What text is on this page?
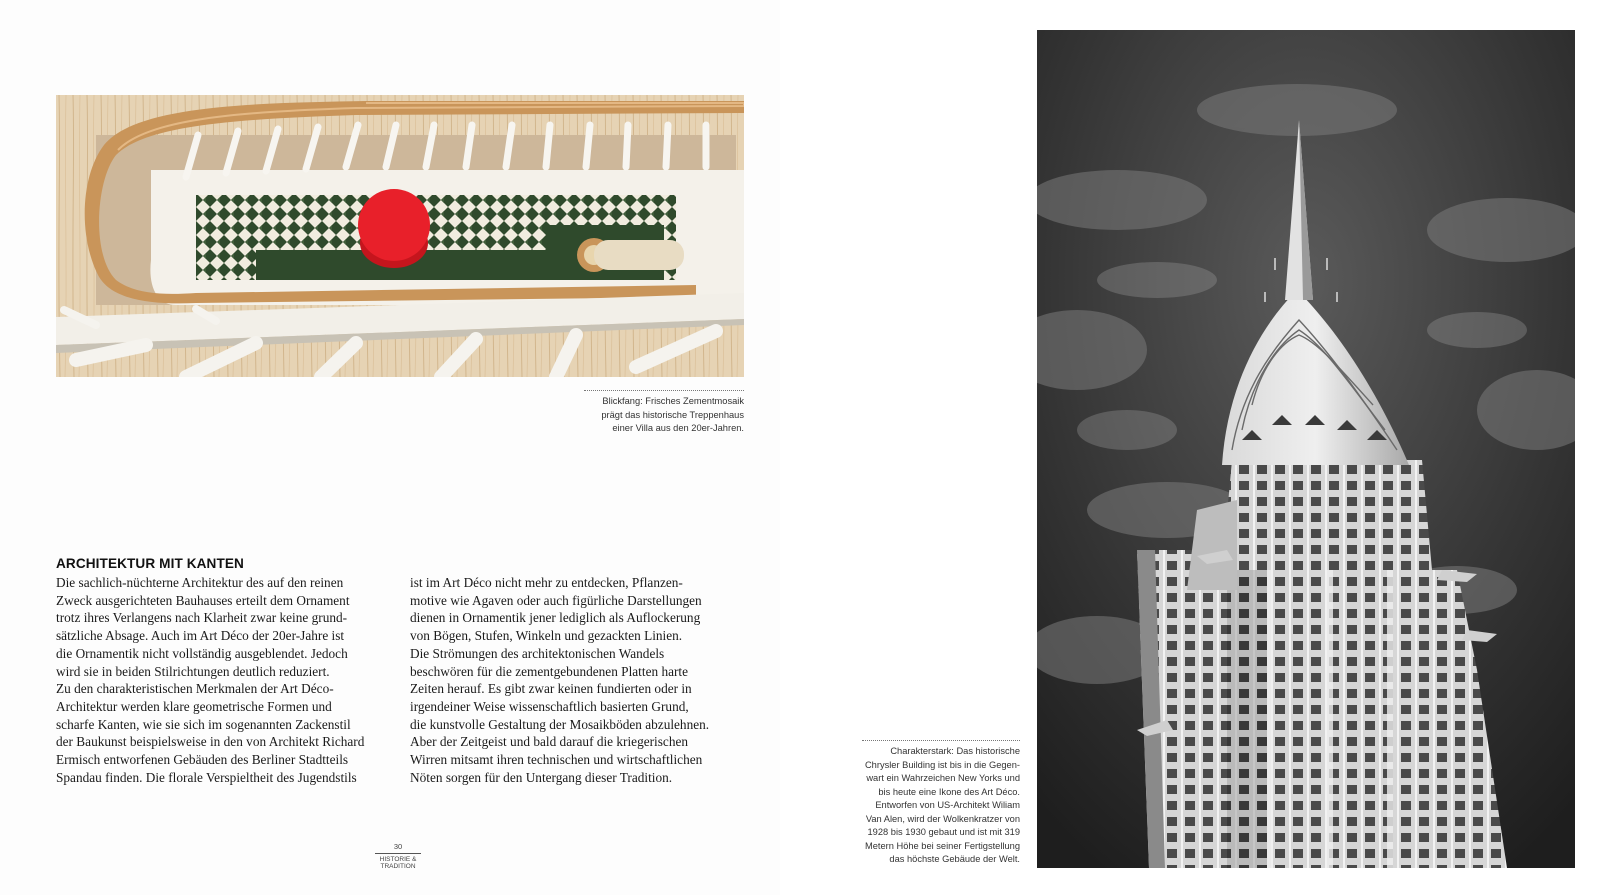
Blickfang: Frisches Zementmosaik
prägt das historische Treppenhaus
einer Villa aus den 20er-Jahren.
ARCHITEKTUR MIT KANTEN
Die sachlich-nüchterne Architektur des auf den reinen
Zweck ausgerichteten Bauhauses erteilt dem Ornament
trotz ihres Verlangens nach Klarheit zwar keine grund-
sätzliche Absage. Auch im Art Déco der 20er-Jahre ist
die Ornamentik nicht vollständig ausgeblendet. Jedoch
wird sie in beiden Stilrichtungen deutlich reduziert.
Zu den charakteristischen Merkmalen der Art Déco-
Architektur werden klare geometrische Formen und
scharfe Kanten, wie sie sich im sogenannten Zackenstil
der Baukunst beispielsweise in den von Architekt Richard
Ermisch entworfenen Gebäuden des Berliner Stadtteils
Spandau finden. Die florale Verspieltheit des Jugendstils
ist im Art Déco nicht mehr zu entdecken, Pflanzen-
motive wie Agaven oder auch figürliche Darstellungen
dienen in Ornamentik jener lediglich als Auflockerung
von Bögen, Stufen, Winkeln und gezackten Linien.
Die Strömungen des architektonischen Wandels
beschwören für die zementgebundenen Platten harte
Zeiten herauf. Es gibt zwar keinen fundierten oder in
irgendeiner Weise wissenschaftlich basierten Grund,
die kunstvolle Gestaltung der Mosaikböden abzulehnen.
Aber der Zeitgeist und bald darauf die kriegerischen
Wirren mitsamt ihren technischen und wirtschaftlichen
Nöten sorgen für den Untergang dieser Tradition.
30
HISTORIE &
TRADITION
Charakterstark: Das historische
Chrysler Building ist bis in die Gegen-
wart ein Wahrzeichen New Yorks und
bis heute eine Ikone des Art Déco.
Entworfen von US-Architekt Wiliam
Van Alen, wird der Wolkenkratzer von
1928 bis 1930 gebaut und ist mit 319
Metern Höhe bei seiner Fertigstellung
das höchste Gebäude der Welt.
